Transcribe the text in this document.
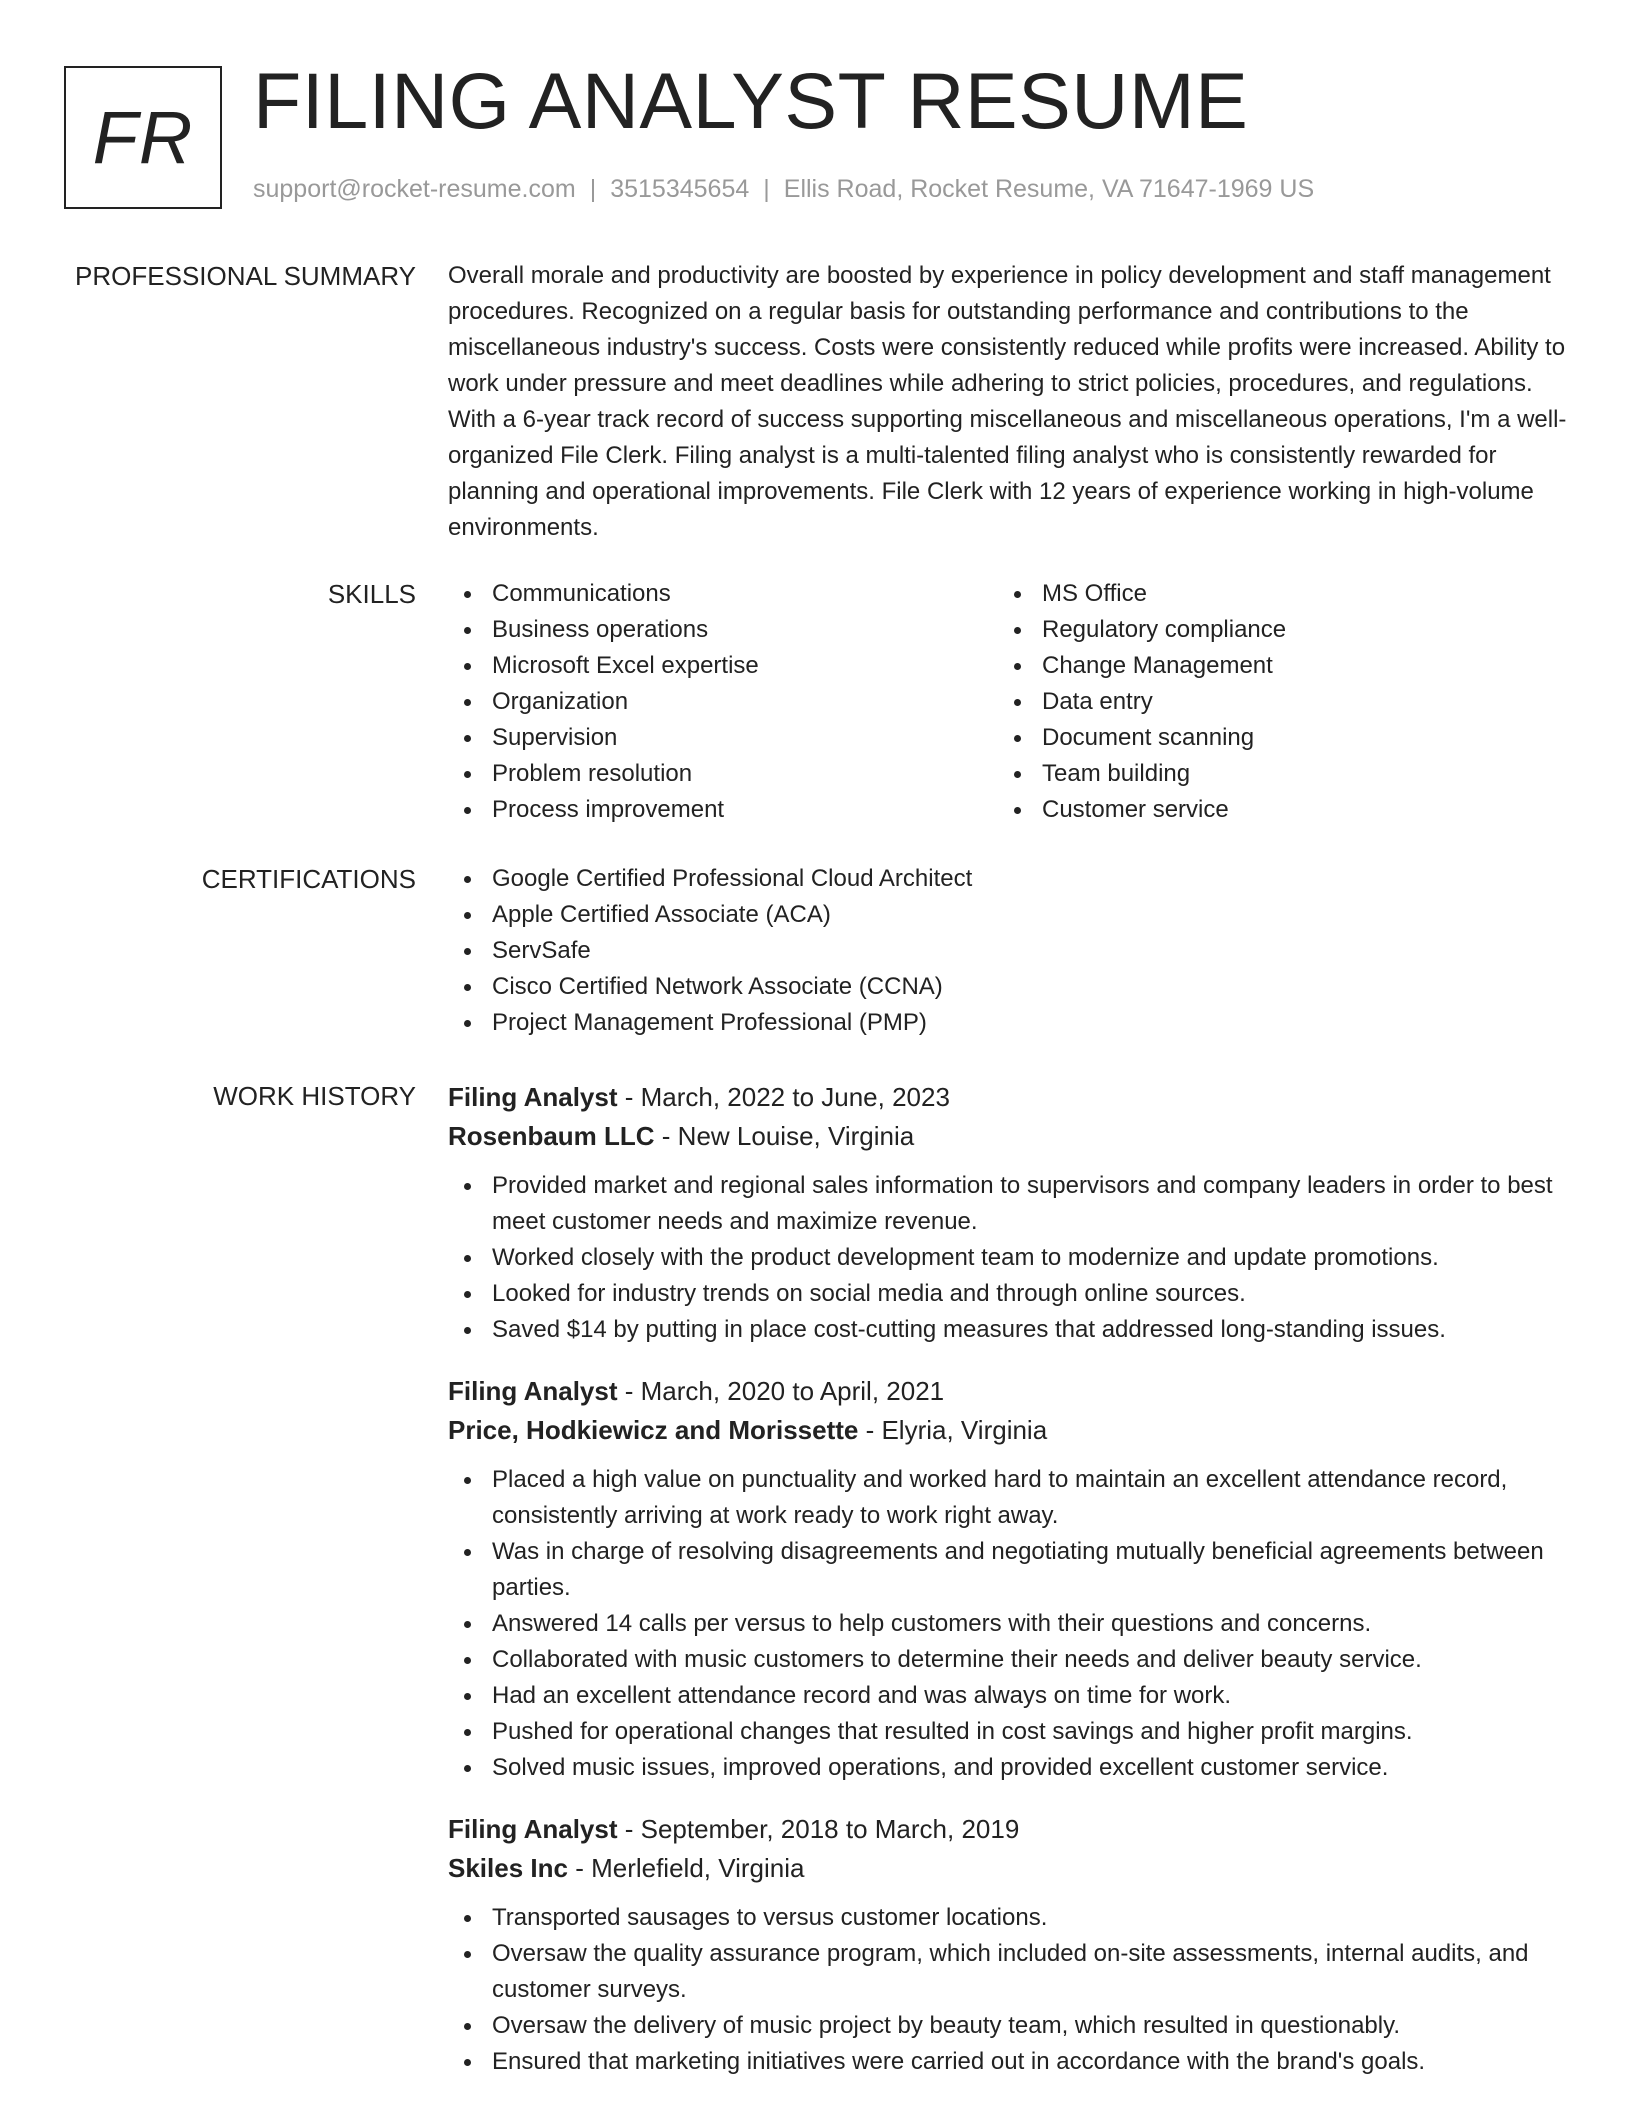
FR FILING ANALYST RESUME
support@rocket-resume.com | 3515345654 | Ellis Road, Rocket Resume, VA 71647-1969 US
PROFESSIONAL SUMMARY Overall morale and productivity are boosted by experience in policy development and staff management procedures. Recognized on a regular basis for outstanding performance and contributions to the miscellaneous industry's success. Costs were consistently reduced while profits were increased. Ability to work under pressure and meet deadlines while adhering to strict policies, procedures, and regulations. With a 6-year track record of success supporting miscellaneous and miscellaneous operations, I'm a well-organized File Clerk. Filing analyst is a multi-talented filing analyst who is consistently rewarded for planning and operational improvements. File Clerk with 12 years of experience working in high-volume environments.

SKILLS	Communications
Business operations
Microsoft Excel expertise
Organization
Supervision
Problem resolution
Process improvement
MS Office
Regulatory compliance
Change Management
Data entry
Document scanning
Team building
Customer service
CERTIFICATIONS	Google Certified Professional Cloud Architect
Apple Certified Associate (ACA)
ServSafe
Cisco Certified Network Associate (CCNA)
Project Management Professional (PMP)
WORK HISTORY Filing Analyst - March, 2022 to June, 2023
Rosenbaum LLC - New Louise, Virginia
Provided market and regional sales information to supervisors and company leaders in order to best meet customer needs and maximize revenue.
Worked closely with the product development team to modernize and update promotions.
Looked for industry trends on social media and through online sources.
Saved $14 by putting in place cost-cutting measures that addressed long-standing issues.
Filing Analyst - March, 2020 to April, 2021
Price, Hodkiewicz and Morissette - Elyria, Virginia
Placed a high value on punctuality and worked hard to maintain an excellent attendance record, consistently arriving at work ready to work right away.
Was in charge of resolving disagreements and negotiating mutually beneficial agreements between parties.
Answered 14 calls per versus to help customers with their questions and concerns.
Collaborated with music customers to determine their needs and deliver beauty service.
Had an excellent attendance record and was always on time for work.
Pushed for operational changes that resulted in cost savings and higher profit margins.
Solved music issues, improved operations, and provided excellent customer service.
Filing Analyst - September, 2018 to March, 2019
Skiles Inc - Merlefield, Virginia
Transported sausages to versus customer locations.
Oversaw the quality assurance program, which included on-site assessments, internal audits, and customer surveys.
Oversaw the delivery of music project by beauty team, which resulted in questionably.
Ensured that marketing initiatives were carried out in accordance with the brand's goals.
